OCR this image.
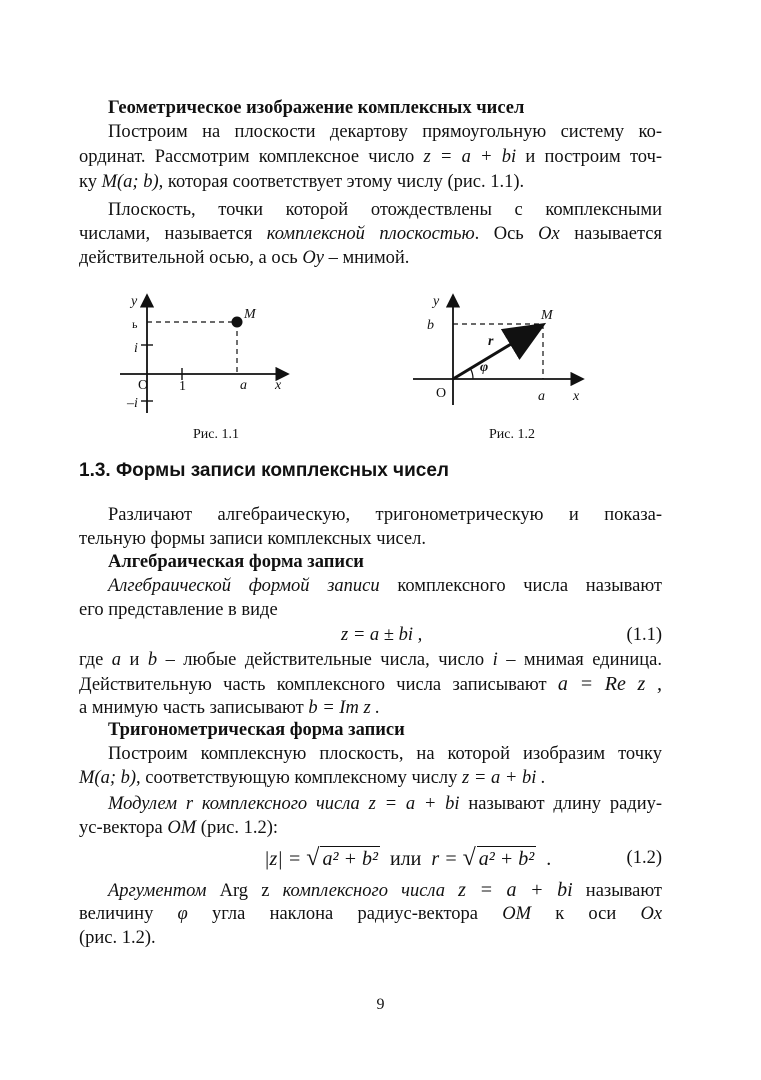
Геометрическое изображение комплексных чисел
Построим на плоскости декартову прямоугольную систему ко-
ординат. Рассмотрим комплексное число z = a + bi и построим точ-
ку M(a; b), которая соответствует этому числу (рис. 1.1).
Плоскость, точки которой отождествлены с комплексными
числами, называется комплексной плоскостью. Ось Ox называется
действительной осью, а ось Oy – мнимой.
y
ь
i
–i
O 1	a x
M
Рис. 1.1
y
b
O	a x
M
r
φ
Рис. 1.2
1.3. Формы записи комплексных чисел
Различают алгебраическую, тригонометрическую и показа-
тельную формы записи комплексных чисел.
Алгебраическая форма записи
Алгебраической формой записи комплексного числа называют
его представление в виде
z = a ± bi ,	(1.1)
где a и b – любые действительные числа, число i – мнимая единица.
Действительную часть комплексного числа записывают a = Re z ,
а мнимую часть записывают b = Im z .
Тригонометрическая форма записи
Построим комплексную плоскость, на которой изобразим точку
M(a; b), соответствующую комплексному числу z = a + bi .
Модулем r комплексного числа z = a + bi называют длину радиу-
ус-вектора OM (рис. 1.2):
|z| = √ a² + b² или r = √ a² + b² .	(1.2)
Аргументом Arg z комплексного числа z = a + bi называют
величину φ угла наклона радиус-вектора OM к оси Ox
(рис. 1.2).
9
